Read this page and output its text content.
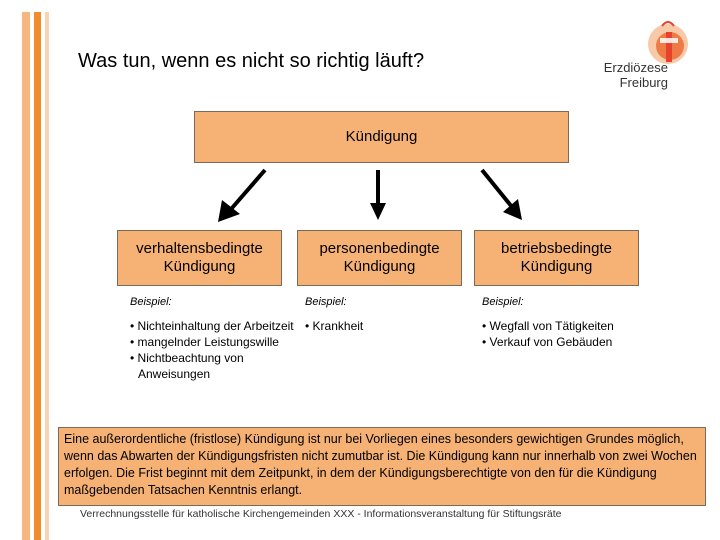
Was tun, wenn es nicht so richtig läuft?	Erzdiözese
Freiburg
Kündigung
verhaltensbedingte
Kündigung
personenbedingte
Kündigung
betriebsbedingte
Kündigung
Beispiel:
• Nichteinhaltung der Arbeitzeit
• mangelnder Leistungswille
• Nichtbeachtung von Anweisungen
Beispiel:
• Krankheit
Beispiel:
• Wegfall von Tätigkeiten
• Verkauf von Gebäuden
Eine außerordentliche (fristlose) Kündigung ist nur bei Vorliegen eines besonders gewichtigen Grundes möglich, wenn das Abwarten der Kündigungsfristen nicht zumutbar ist. Die Kündigung kann nur innerhalb von zwei Wochen erfolgen. Die Frist beginnt mit dem Zeitpunkt, in dem der Kündigungsberechtigte von den für die Kündigung maßgebenden Tatsachen Kenntnis erlangt.
Verrechnungsstelle für katholische Kirchengemeinden XXX - Informationsveranstaltung für Stiftungsräte
